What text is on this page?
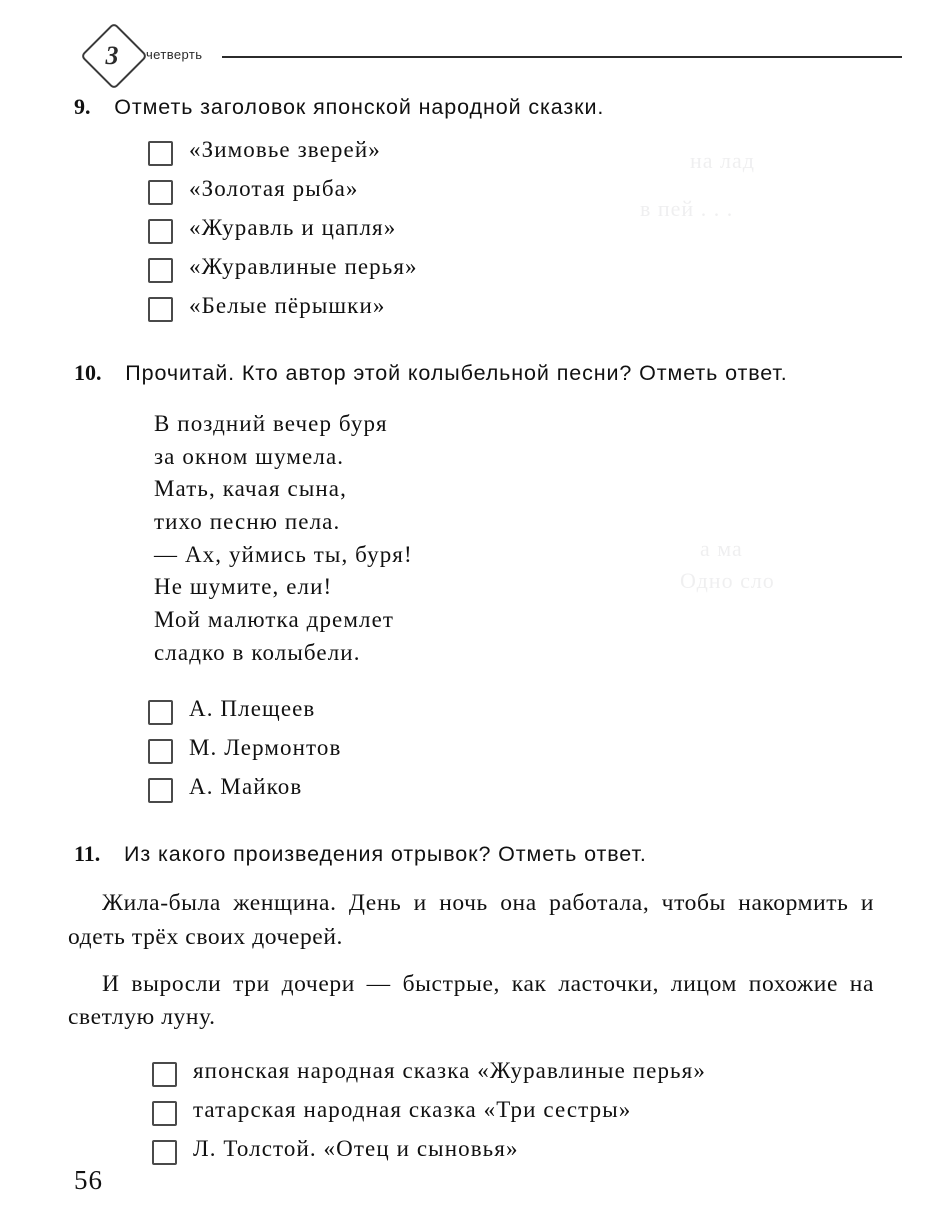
3 четверть
на лад
в пей . . .
а ма
Одно сло
9. Отметь заголовок японской народной сказки.
«Зимовье зверей»
«Золотая рыба»
«Журавль и цапля»
«Журавлиные перья»
«Белые пёрышки»
10. Прочитай. Кто автор этой колыбельной песни? Отметь ответ.
В поздний вечер буря
за окном шумела.
Мать, качая сына,
тихо песню пела.
— Ах, уймись ты, буря!
Не шумите, ели!
Мой малютка дремлет
сладко в колыбели.
А. Плещеев
М. Лермонтов
А. Майков
11. Из какого произведения отрывок? Отметь ответ.

Жила-была женщина. День и ночь она работала, чтобы накормить и одеть трёх своих дочерей.

И выросли три дочери — быстрые, как ласточки, лицом похожие на светлую луну.

японская народная сказка «Журавлиные перья»
татарская народная сказка «Три сестры»
Л. Толстой. «Отец и сыновья»
56
